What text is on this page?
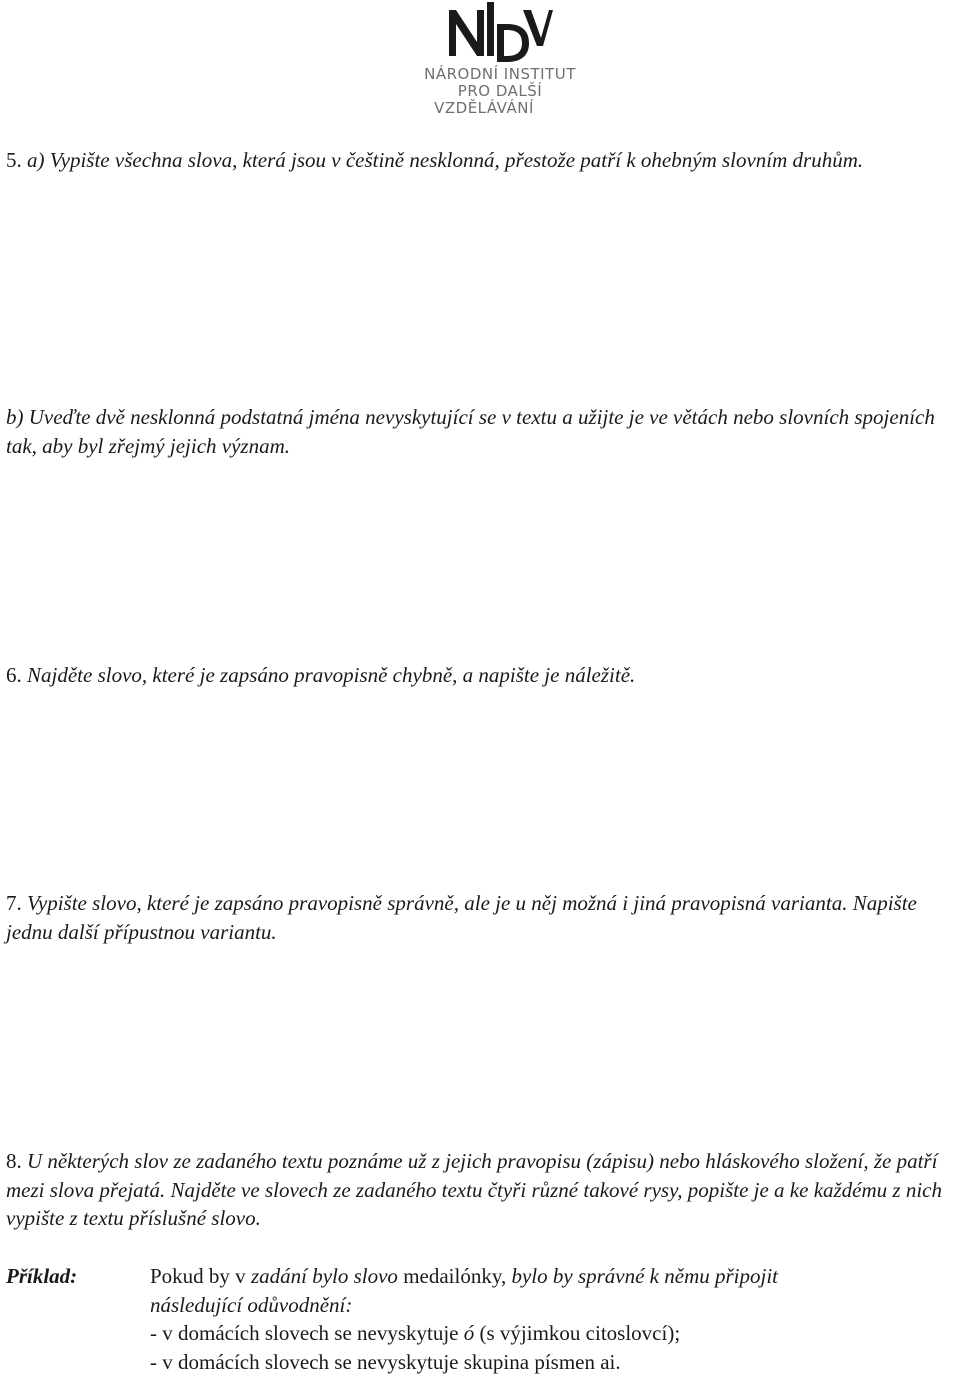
NÁRODNÍ INSTITUT
PRO DALŠÍ
VZDĚLÁVÁNÍ

5. a) Vypište všechna slova, která jsou v češtině nesklonná, přestože patří k ohebným slovním druhům.

b) Uveďte dvě nesklonná podstatná jména nevyskytující se v textu a užijte je ve větách nebo slovních spojeních tak, aby byl zřejmý jejich význam.

6. Najděte slovo, které je zapsáno pravopisně chybně, a napište je náležitě.

7. Vypište slovo, které je zapsáno pravopisně správně, ale je u něj možná i jiná pravopisná varianta. Napište jednu další přípustnou variantu.

8. U některých slov ze zadaného textu poznáme už z jejich pravopisu (zápisu) nebo hláskového složení, že patří mezi slova přejatá. Najděte ve slovech ze zadaného textu čtyři různé takové rysy, popište je a ke každému z nich vypište z textu příslušné slovo.

Příklad:	Pokud by v zadání bylo slovo medailónky, bylo by správné k němu připojit
následující odůvodnění:
- v domácích slovech se nevyskytuje ó (s výjimkou citoslovcí);
- v domácích slovech se nevyskytuje skupina písmen ai.
